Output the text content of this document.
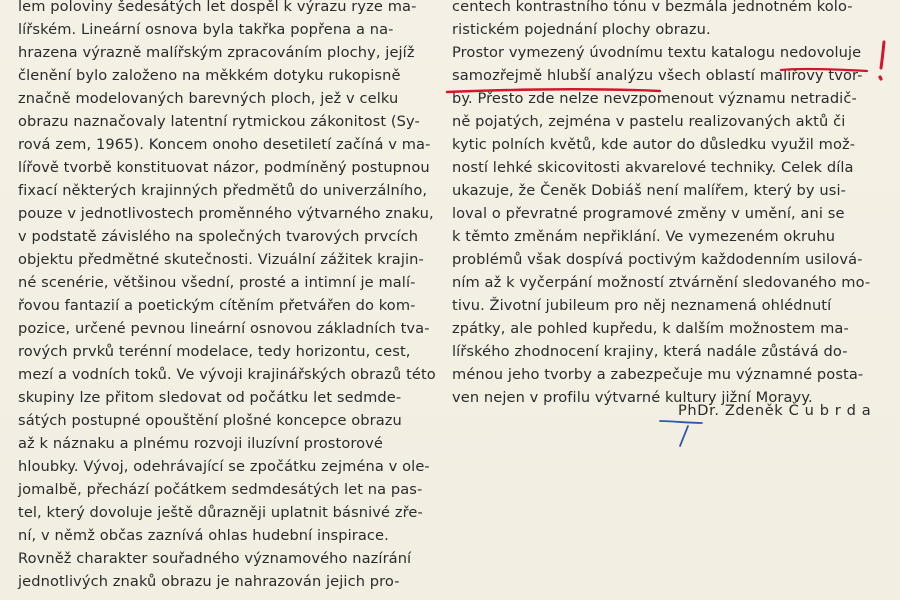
lem poloviny šedesátých let dospěl k výrazu ryze ma-
lířském. Lineární osnova byla takřka popřena a na-
hrazena výrazně malířským zpracováním plochy, jejíž
členění bylo založeno na měkkém dotyku rukopisně
značně modelovaných barevných ploch, jež v celku
obrazu naznačovaly latentní rytmickou zákonitost (Sy-
rová zem, 1965). Koncem onoho desetiletí začíná v ma-
lířově tvorbě konstituovat názor, podmíněný postupnou
fixací některých krajinných předmětů do univerzálního,
pouze v jednotlivostech proměnného výtvarného znaku,
v podstatě závislého na společných tvarových prvcích
objektu předmětné skutečnosti. Vizuální zážitek krajin-
né scenérie, většinou všední, prosté a intimní je malí-
řovou fantazií a poetickým cítěním přetvářen do kom-
pozice, určené pevnou lineární osnovou základních tva-
rových prvků terénní modelace, tedy horizontu, cest,
mezí a vodních toků. Ve vývoji krajinářských obrazů této
skupiny lze přitom sledovat od počátku let sedmde-
sátých postupné opouštění plošné koncepce obrazu
až k náznaku a plnému rozvoji iluzívní prostorové
hloubky. Vývoj, odehrávající se zpočátku zejména v ole-
jomalbě, přechází počátkem sedmdesátých let na pas-
tel, který dovoluje ještě důrazněji uplatnit básnivé zře-
ní, v němž občas zaznívá ohlas hudební inspirace.
Rovněž charakter souřadného významového nazírání
jednotlivých znaků obrazu je nahrazován jejich pro-
centech kontrastního tónu v bezmála jednotném kolo-
ristickém pojednání plochy obrazu.
Prostor vymezený úvodnímu textu katalogu nedovoluje
samozřejmě hlubší analýzu všech oblastí malířovy tvor-
by. Přesto zde nelze nevzpomenout významu netradič-
ně pojatých, zejména v pastelu realizovaných aktů či
kytic polních květů, kde autor do důsledku využil mož-
ností lehké skicovitosti akvarelové techniky. Celek díla
ukazuje, že Čeněk Dobiáš není malířem, který by usi-
loval o převratné programové změny v umění, ani se
k těmto změnám nepřiklání. Ve vymezeném okruhu
problémů však dospívá poctivým každodenním usilová-
ním až k vyčerpání možností ztvárnění sledovaného mo-
tivu. Životní jubileum pro něj neznamená ohlédnutí
zpátky, ale pohled kupředu, k dalším možnostem ma-
lířského zhodnocení krajiny, která nadále zůstává do-
ménou jeho tvorby a zabezpečuje mu významné posta-
ven nejen v profilu výtvarné kultury jižní Moravy.
PhDr. Zdeněk Č u b r d a
